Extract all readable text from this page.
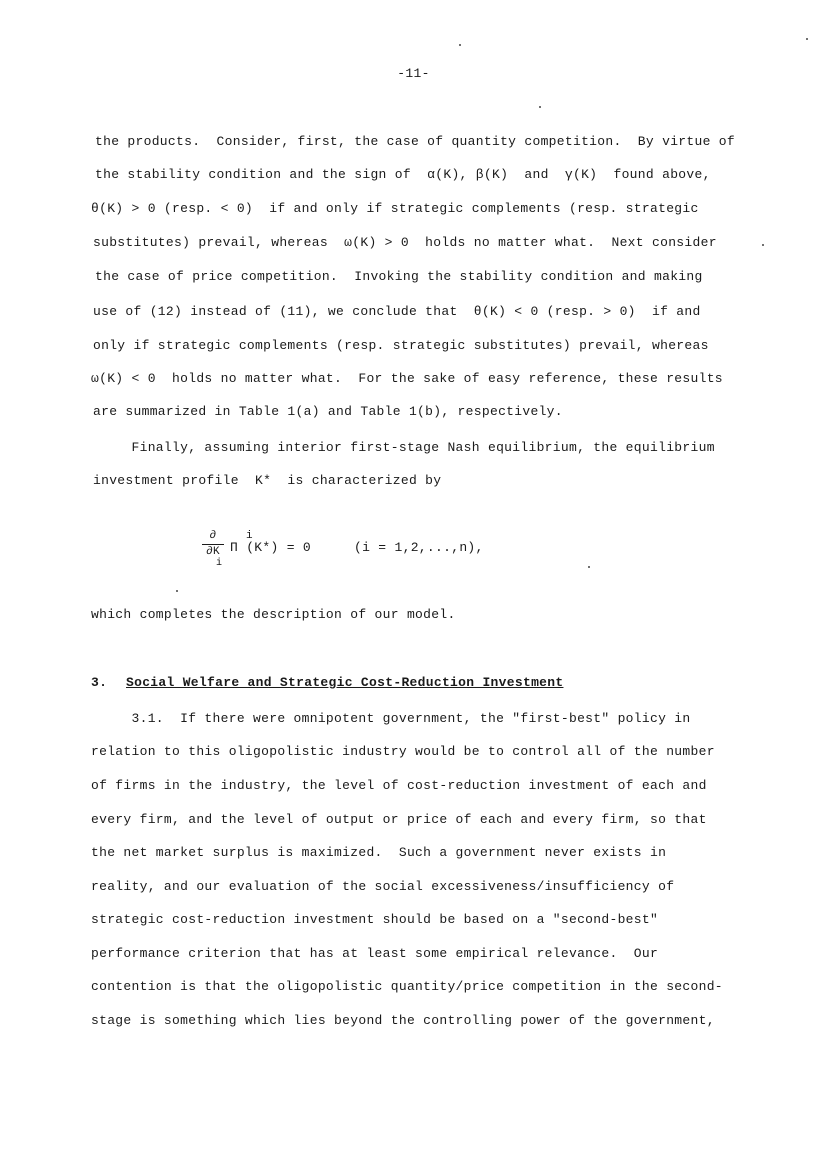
-11-
the products.  Consider, first, the case of quantity competition.  By virtue of
the stability condition and the sign of  α(K), β(K)  and  γ(K)  found above,
θ(K) > 0 (resp. < 0)  if and only if strategic complements (resp. strategic
substitutes) prevail, whereas  ω(K) > 0  holds no matter what.  Next consider
the case of price competition.  Invoking the stability condition and making
use of (12) instead of (11), we conclude that  θ(K) < 0 (resp. > 0)  if and
only if strategic complements (resp. strategic substitutes) prevail, whereas
ω(K) < 0  holds no matter what.  For the sake of easy reference, these results
are summarized in Table 1(a) and Table 1(b), respectively.
Finally, assuming interior first-stage Nash equilibrium, the equilibrium
investment profile  K*  is characterized by
∂
∂K
i
Π (K*) = 0
i
(i = 1,2,...,n),
which completes the description of our model.
3. Social Welfare and Strategic Cost-Reduction Investment
3.1.  If there were omnipotent government, the "first-best" policy in
relation to this oligopolistic industry would be to control all of the number
of firms in the industry, the level of cost-reduction investment of each and
every firm, and the level of output or price of each and every firm, so that
the net market surplus is maximized.  Such a government never exists in
reality, and our evaluation of the social excessiveness/insufficiency of
strategic cost-reduction investment should be based on a "second-best"
performance criterion that has at least some empirical relevance.  Our
contention is that the oligopolistic quantity/price competition in the second-
stage is something which lies beyond the controlling power of the government,
